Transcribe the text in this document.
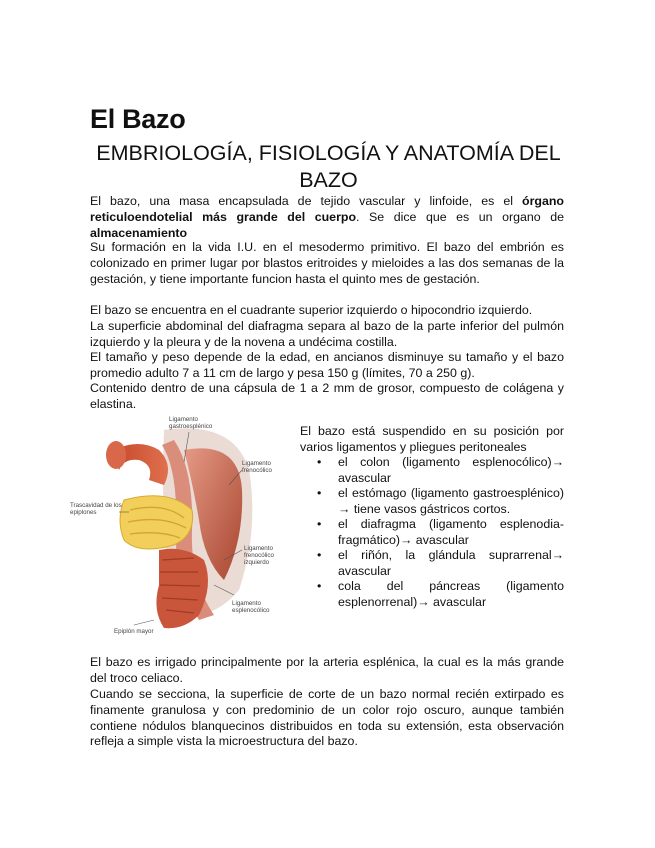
El Bazo
EMBRIOLOGÍA, FISIOLOGÍA Y ANATOMÍA DEL BAZO

El bazo, una masa encapsulada de tejido vascular y linfoide, es el órgano reticuloendotelial más grande del cuerpo. Se dice que es un organo de almacenamiento

Su formación en la vida I.U. en el mesodermo primitivo. El bazo del embrión es colonizado en primer lugar por blastos eritroides y mieloides a las dos semanas de la gestación, y tiene importante funcion hasta el quinto mes de gestación.

El bazo se encuentra en el cuadrante superior izquierdo o hipocondrio izquierdo.

La superficie abdominal del diafragma separa al bazo de la parte inferior del pulmón izquierdo y la pleura y de la novena a undécima costilla.

El tamaño y peso depende de la edad, en ancianos disminuye su tamaño y el bazo promedio adulto 7 a 11 cm de largo y pesa 150 g (límites, 70 a 250 g).

Contenido dentro de una cápsula de 1 a 2 mm de grosor, compuesto de colágena y elastina.

Ligamento gastroesplénico
Ligamento frenocólico
Trascavidad de los epiplones
Ligamento frenocólico izquierdo
Ligamento esplenocólico
Epiplón mayor

El bazo está suspendido en su posición por varios ligamentos y pliegues peritoneales

• el colon (ligamento esplenocólico)→ avascular
• el estómago (ligamento gastroesplénico) → tiene vasos gástricos cortos.
• el diafragma (ligamento esplenodia-fragmático)→ avascular
• el riñón, la glándula suprarrenal→ avascular
• cola del páncreas (ligamento esplenorrenal)→ avascular

El bazo es irrigado principalmente por la arteria esplénica, la cual es la más grande del troco celiaco.

Cuando se secciona, la superficie de corte de un bazo normal recién extirpado es finamente granulosa y con predominio de un color rojo oscuro, aunque también contiene nódulos blanquecinos distribuidos en toda su extensión, esta observación refleja a simple vista la microestructura del bazo.
